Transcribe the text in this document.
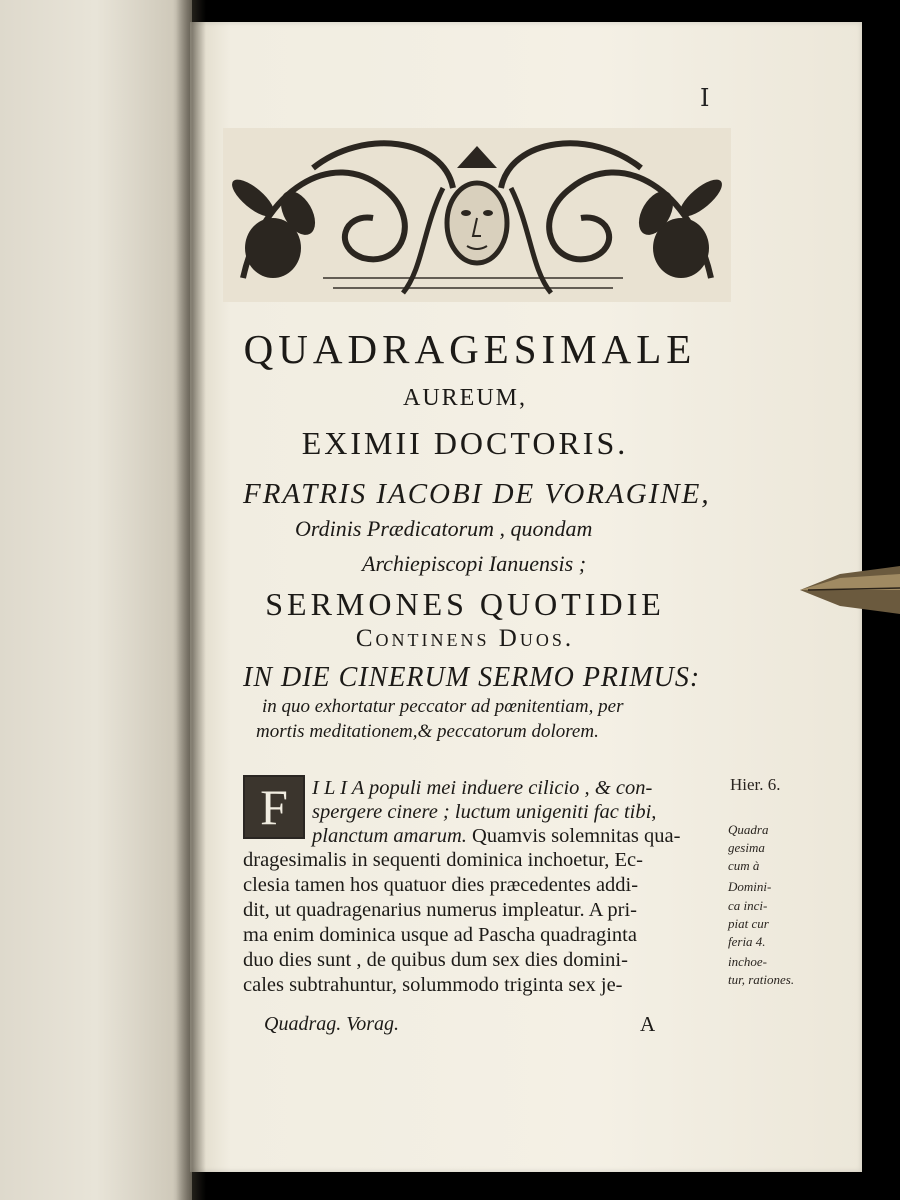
I
QUADRAGESIMALE
AUREUM,
EXIMII DOCTORIS.
FRATRIS IACOBI DE VORAGINE,
Ordinis Prædicatorum , quondam
Archiepiscopi Ianuensis ;
SERMONES QUOTIDIE
Continens Duos.
IN DIE CINERUM SERMO PRIMUS:
in quo exhortatur peccator ad pœnitentiam, per
mortis meditationem,& peccatorum dolorem.
F	I L I A populi mei induere cilicio , & con-
spergere cinere ; luctum unigeniti fac tibi,
planctum amarum. Quamvis solemnitas qua-
dragesimalis in sequenti dominica inchoetur, Ec-
clesia tamen hos quatuor dies præcedentes addi-
dit, ut quadragenarius numerus impleatur. A pri-
ma enim dominica usque ad Pascha quadraginta
duo dies sunt , de quibus dum sex dies domini-
cales subtrahuntur, solummodo triginta sex je-
Hier. 6.
Quadra
gesima
cum à
Domini-
ca inci-
piat cur
feria 4.
inchoe-
tur, rationes.
Quadrag. Vorag.	A
